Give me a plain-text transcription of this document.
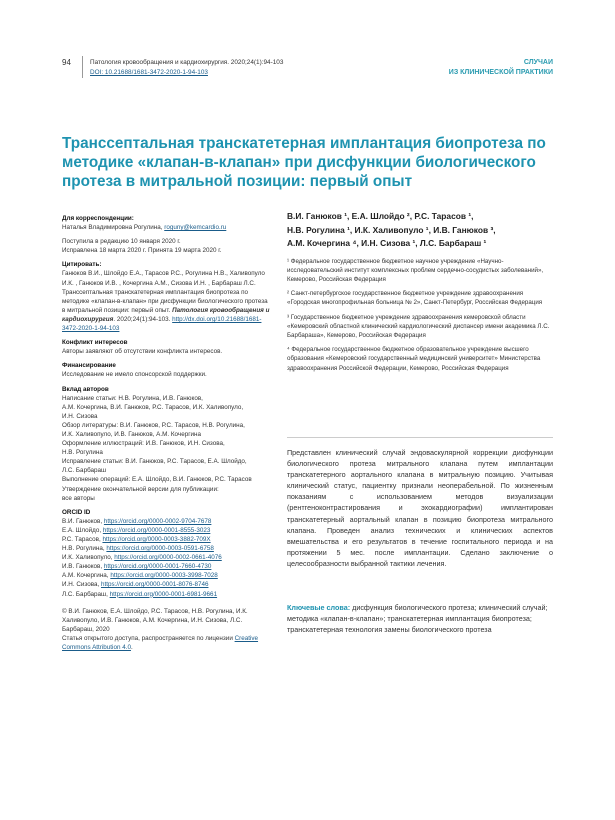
94	Патология кровообращения и кардиохирургия. 2020;24(1):94-103
DOI: 10.21688/1681-3472-2020-1-94-103
СЛУЧАИ
ИЗ КЛИНИЧЕСКОЙ ПРАКТИКИ
Транссептальная транскатетерная имплантация биопротеза по методике «клапан-в-клапан» при дисфункции биологического протеза в митральной позиции: первый опыт
Для корреспонденции:
Наталья Владимировна Рогулина, roguny@kemcardio.ru
Поступила в редакцию 10 января 2020 г.
Исправлена 18 марта 2020 г. Принята 19 марта 2020 г.
Цитировать:
Ганюков В.И., Шлойдо Е.А., Тарасов Р.С., Рогулина Н.В., Халивопуло И.К. , Ганюков И.В. , Кочергина А.М., Сизова И.Н. , Барбараш Л.С. Транссептальная транскатетерная имплантация биопротеза по методике «клапан-в-клапан» при дисфункции биологического протеза в митральной позиции: первый опыт. Патология кровообращения и кардиохирургия. 2020;24(1):94-103. http://dx.doi.org/10.21688/1681-3472-2020-1-94-103
Конфликт интересов
Авторы заявляют об отсутствии конфликта интересов.
Финансирование
Исследование не имело спонсорской поддержки.
Вклад авторов
Написание статьи: Н.В. Рогулина, И.В. Ганюков,
А.М. Кочергина, В.И. Ганюков, Р.С. Тарасов, И.К. Халивопуло,
И.Н. Сизова
Обзор литературы: В.И. Ганюков, Р.С. Тарасов, Н.В. Рогулина,
И.К. Халивопуло, И.В. Ганюков, А.М. Кочергина
Оформление иллюстраций: И.В. Ганюков, И.Н. Сизова,
Н.В. Рогулина
Исправление статьи: В.И. Ганюков, Р.С. Тарасов, Е.А. Шлойдо,
Л.С. Барбараш
Выполнение операций: Е.А. Шлойдо, В.И. Ганюков, Р.С. Тарасов
Утверждение окончательной версии для публикации:
все авторы
ORCID ID
В.И. Ганюков, https://orcid.org/0000-0002-9704-7678
Е.А. Шлойдо, https://orcid.org/0000-0001-8555-3023
Р.С. Тарасов, https://orcid.org/0000-0003-3882-709X
Н.В. Рогулина, https://orcid.org/0000-0003-0591-6758
И.К. Халивопуло, https://orcid.org/0000-0002-0661-4076
И.В. Ганюков, https://orcid.org/0000-0001-7660-4730
А.М. Кочергина, https://orcid.org/0000-0003-3998-7028
И.Н. Сизова, https://orcid.org/0000-0001-8076-8746
Л.С. Барбараш, https://orcid.org/0000-0001-6981-9661
© В.И. Ганюков, Е.А. Шлойдо, Р.С. Тарасов, Н.В. Рогулина, И.К. Халивопуло, И.В. Ганюков, А.М. Кочергина, И.Н. Сизова, Л.С. Барбараш, 2020
Статья открытого доступа, распространяется по лицензии Creative Commons Attribution 4.0.
В.И. Ганюков ¹, Е.А. Шлойдо ², Р.С. Тарасов ¹,
Н.В. Рогулина ¹, И.К. Халивопуло ¹, И.В. Ганюков ³,
А.М. Кочергина ⁴, И.Н. Сизова ¹, Л.С. Барбараш ¹
¹ Федеральное государственное бюджетное научное учреждение «Научно-исследовательский институт комплексных проблем сердечно-сосудистых заболеваний», Кемерово, Российская Федерация
² Санкт-петербургское государственное бюджетное учреждение здравоохранения «Городская многопрофильная больница № 2», Санкт-Петербург, Российская Федерация
³ Государственное бюджетное учреждение здравоохранения кемеровской области «Кемеровский областной клинический кардиологический диспансер имени академика Л.С. Барбараша», Кемерово, Российская Федерация
⁴ Федеральное государственное бюджетное образовательное учреждение высшего образования «Кемеровский государственный медицинский университет» Министерства здравоохранения Российской Федерации, Кемерово, Российская Федерация
Представлен клинический случай эндоваскулярной коррекции дисфункции биологического протеза митрального клапана путем имплантации транскатетерного аортального клапана в митральную позицию. Учитывая клинический статус, пациентку признали неоперабельной. По жизненным показаниям с использованием методов визуализации (рентгеноконтрастирования и эхокардиографии) имплантирован транскатетерный аортальный клапан в позицию биопротеза митрального клапана. Проведен анализ технических и клинических аспектов вмешательства и его результатов в течение госпитального периода и на протяжении 5 мес. после имплантации. Сделано заключение о целесообразности выбранной тактики лечения.
Ключевые слова: дисфункция биологического протеза; клинический случай; методика «клапан-в-клапан»; транскатетерная имплантация биопротеза; транскатетерная технология замены биологического протеза
